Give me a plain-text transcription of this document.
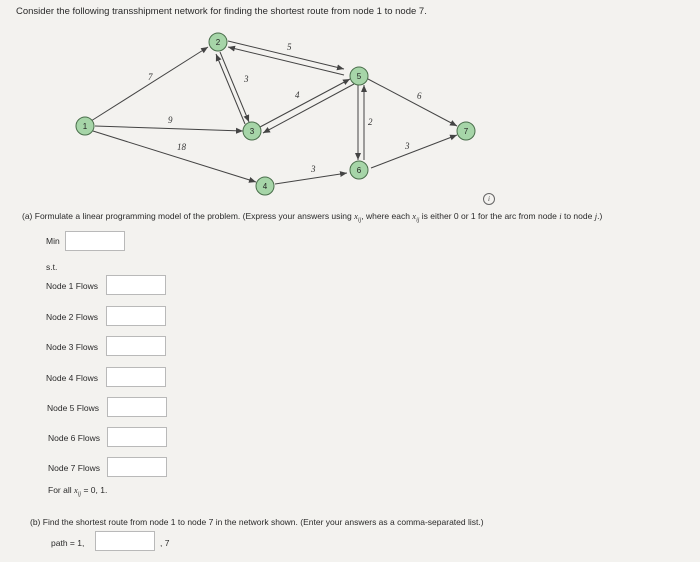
Consider the following transshipment network for finding the shortest route from node 1 to node 7.
7
9
18
3
5
4
3
2
6
3
1
2
3
4
5
6
7
i
(a) Formulate a linear programming model of the problem. (Express your answers using $x_{ij}$, where each $x_{ij}$ is either 0 or 1 for the arc from node i to node j.)
Min
s.t.
Node 1 Flows
Node 2 Flows
Node 3 Flows
Node 4 Flows
Node 5 Flows
Node 6 Flows
Node 7 Flows
For all $x_{ij} = 0$, 1.
(b) Find the shortest route from node 1 to node 7 in the network shown. (Enter your answers as a comma-separated list.)
path = 1,	, 7
